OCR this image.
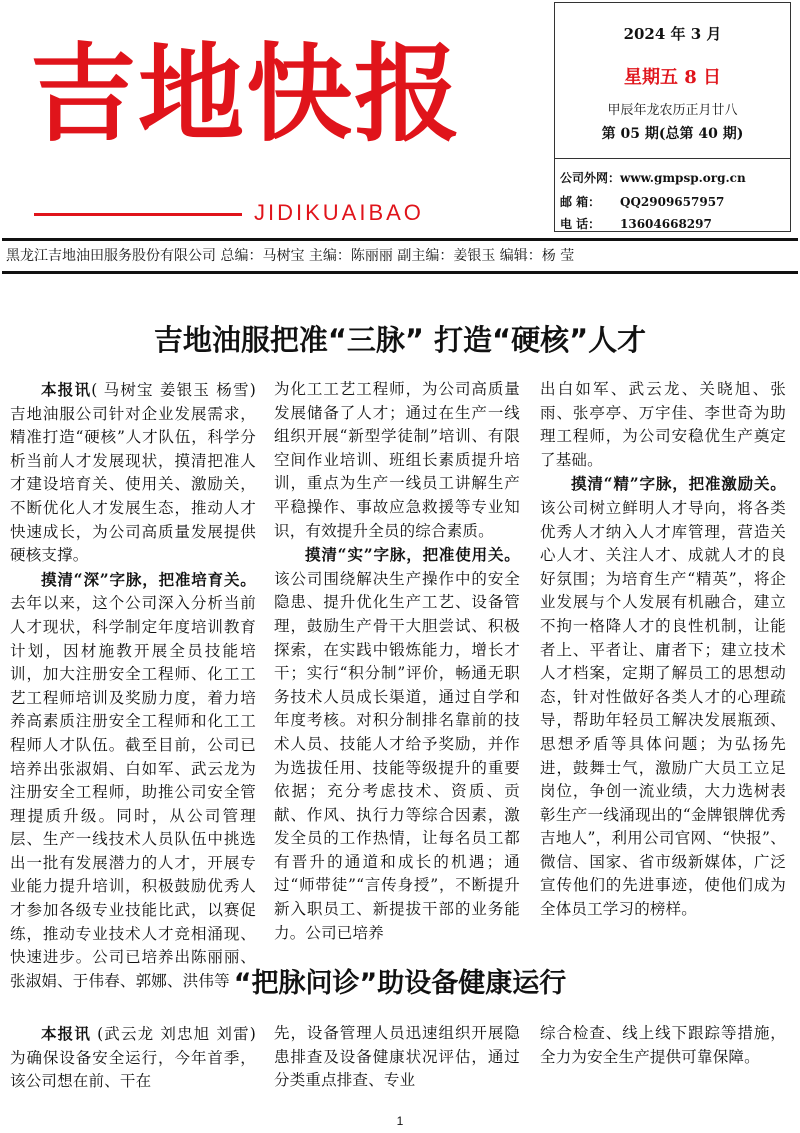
吉地快报
JIDIKUAIBAO
2024 年 3 月
星期五 8 日
甲辰年龙农历正月廿八
第 05 期(总第 40 期)
公司外网：www.gmpsp.org.cn
邮 箱： QQ2909657957
电 话： 13604668297
黑龙江吉地油田服务股份有限公司 总编：马树宝 主编：陈丽丽 副主编：姜银玉 编辑：杨 莹
吉地油服把准“三脉” 打造“硬核”人才

本报讯( 马树宝 姜银玉 杨雪)吉地油服公司针对企业发展需求，精准打造“硬核”人才队伍，科学分析当前人才发展现状，摸清把准人才建设培育关、使用关、激励关，不断优化人才发展生态，推动人才快速成长，为公司高质量发展提供硬核支撑。

摸清“深”字脉，把准培育关。去年以来，这个公司深入分析当前人才现状，科学制定年度培训教育计划，因材施教开展全员技能培训，加大注册安全工程师、化工工艺工程师培训及奖励力度，着力培养高素质注册安全工程师和化工工程师人才队伍。截至目前，公司已培养出张淑娟、白如军、武云龙为注册安全工程师，助推公司安全管理提质升级。同时，从公司管理层、生产一线技术人员队伍中挑选出一批有发展潜力的人才，开展专业能力提升培训，积极鼓励优秀人才参加各级专业技能比武，以赛促练，推动专业技术人才竞相涌现、快速进步。公司已培养出陈丽丽、张淑娟、于伟春、郭娜、洪伟等

为化工工艺工程师，为公司高质量发展储备了人才；通过在生产一线组织开展“新型学徒制”培训、有限空间作业培训、班组长素质提升培训，重点为生产一线员工讲解生产平稳操作、事故应急救援等专业知识，有效提升全员的综合素质。

摸清“实”字脉，把准使用关。该公司围绕解决生产操作中的安全隐患、提升优化生产工艺、设备管理，鼓励生产骨干大胆尝试、积极探索，在实践中锻炼能力，增长才干；实行“积分制”评价，畅通无职务技术人员成长渠道，通过自学和年度考核。对积分制排名靠前的技术人员、技能人才给予奖励，并作为选拔任用、技能等级提升的重要依据；充分考虑技术、资质、贡献、作风、执行力等综合因素，激发全员的工作热情，让每名员工都有晋升的通道和成长的机遇；通过“师带徒”“言传身授”，不断提升新入职员工、新提拔干部的业务能力。公司已培养

出白如军、武云龙、关晓旭、张雨、张亭亭、万宇佳、李世奇为助理工程师，为公司安稳优生产奠定了基础。

摸清“精”字脉，把准激励关。该公司树立鲜明人才导向，将各类优秀人才纳入人才库管理，营造关心人才、关注人才、成就人才的良好氛围；为培育生产“精英”，将企业发展与个人发展有机融合，建立不拘一格降人才的良性机制，让能者上、平者让、庸者下；建立技术人才档案，定期了解员工的思想动态，针对性做好各类人才的心理疏导，帮助年轻员工解决发展瓶颈、思想矛盾等具体问题；为弘扬先进，鼓舞士气，激励广大员工立足岗位，争创一流业绩，大力选树表彰生产一线涌现出的“金牌银牌优秀吉地人”，利用公司官网、“快报”、微信、国家、省市级新媒体，广泛宣传他们的先进事迹，使他们成为全体员工学习的榜样。

“把脉问诊”助设备健康运行

本报讯 (武云龙 刘忠旭 刘雷)为确保设备安全运行，今年首季，该公司想在前、干在

先，设备管理人员迅速组织开展隐患排查及设备健康状况评估，通过分类重点排查、专业

综合检查、线上线下跟踪等措施，全力为安全生产提供可靠保障。

1
